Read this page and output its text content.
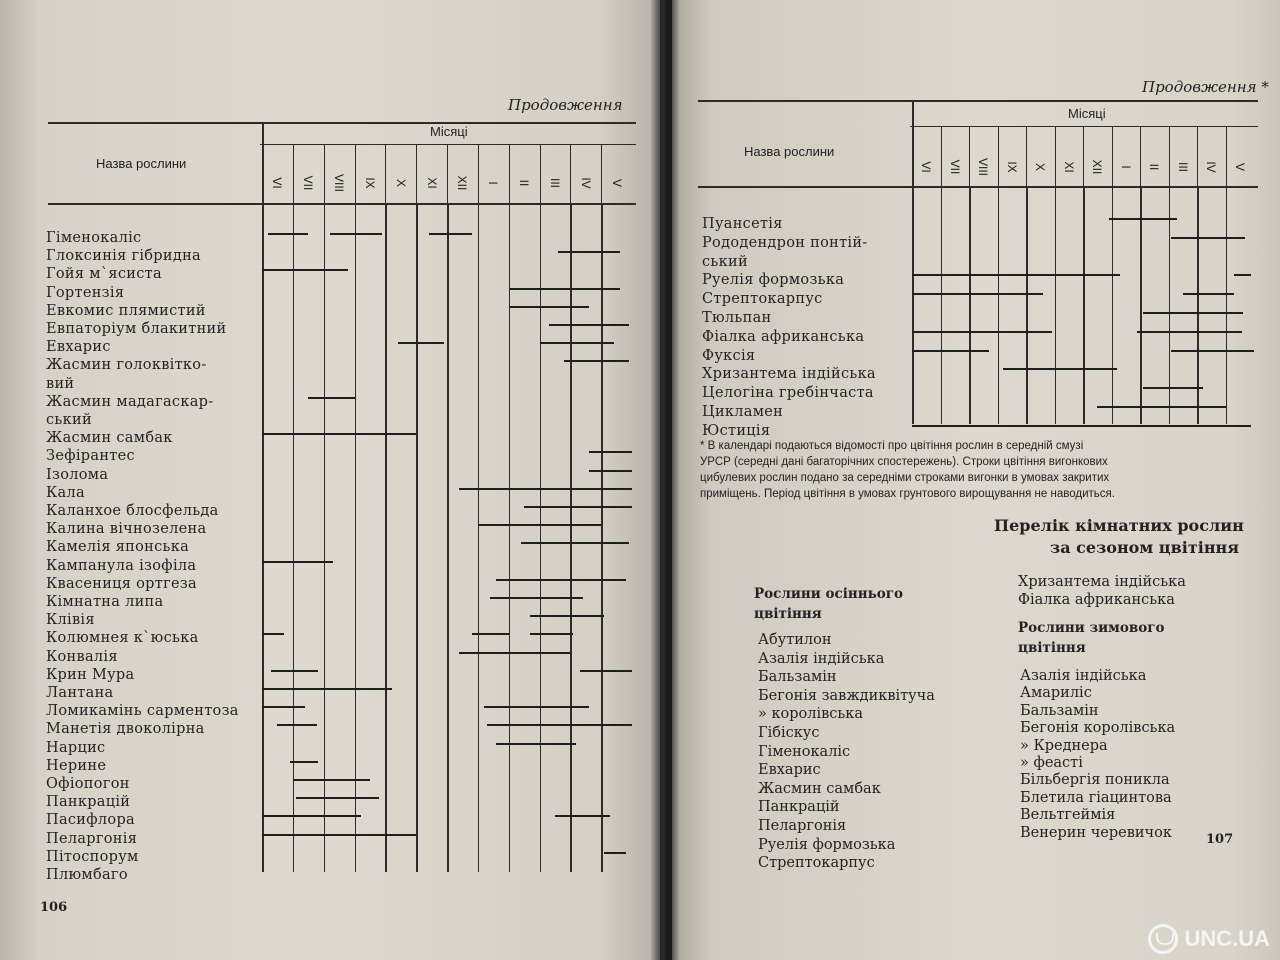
Продовження
Назва рослини
Місяці
VI VII VIII IX X XI XII I II III IV V
Гіменокаліс
Глоксинія гібридна
Гойя м`ясиста
Гортензія
Евкомис плямистий
Евпаторіум блакитний
Евхарис
Жасмин голоквітко-
вий
Жасмин мадагаскар-
ський
Жасмин самбак
Зефірантес
Ізолома
Кала
Каланхое блосфельда
Калина вічнозелена
Камелія японська
Кампанула ізофіла
Квасениця ортгеза
Кімнатна липа
Клівія
Колюмнея к`юська
Конвалія
Крин Мура
Лантана
Ломикамінь сарментоза
Манетія двоколірна
Нарцис
Нерине
Офіопогон
Панкрацій
Пасифлора
Пеларгонія
Пітоспорум
Плюмбаго
106
Продовження *
Назва рослини
Місяці
VI VII VIII IX X XI XII I II III IV V
Пуансетія
Рододендрон понтій-
ський
Руелія формозька
Стрептокарпус
Тюльпан
Фіалка африканська
Фуксія
Хризантема індійська
Целогіна гребінчаста
Цикламен
Юстиція
* В календарі подаються відомості про цвітіння рослин в середній смузі
УРСР (середні дані багаторічних спостережень). Строки цвітіння вигонкових
цибулевих рослин подано за середніми строками вигонки в умовах закритих
приміщень. Період цвітіння в умовах грунтового вирощування не наводиться.
Перелік кімнатних рослин
за сезоном цвітіння
Рослини осіннього
цвітіння
Абутилон
Азалія індійська
Бальзамін
Бегонія завждиквітуча
» королівська
Гібіскус
Гіменокаліс
Евхарис
Жасмин самбак
Панкрацій
Пеларгонія
Руелія формозька
Стрептокарпус
Хризантема індійська
Фіалка африканська
Рослини зимового
цвітіння
Азалія індійська
Амариліс
Бальзамін
Бегонія королівська
» Креднера
» феасті
Більбергія поникла
Блетила гіацинтова
Вельтгеймія
Венерин черевичок	107
UNC.UA
